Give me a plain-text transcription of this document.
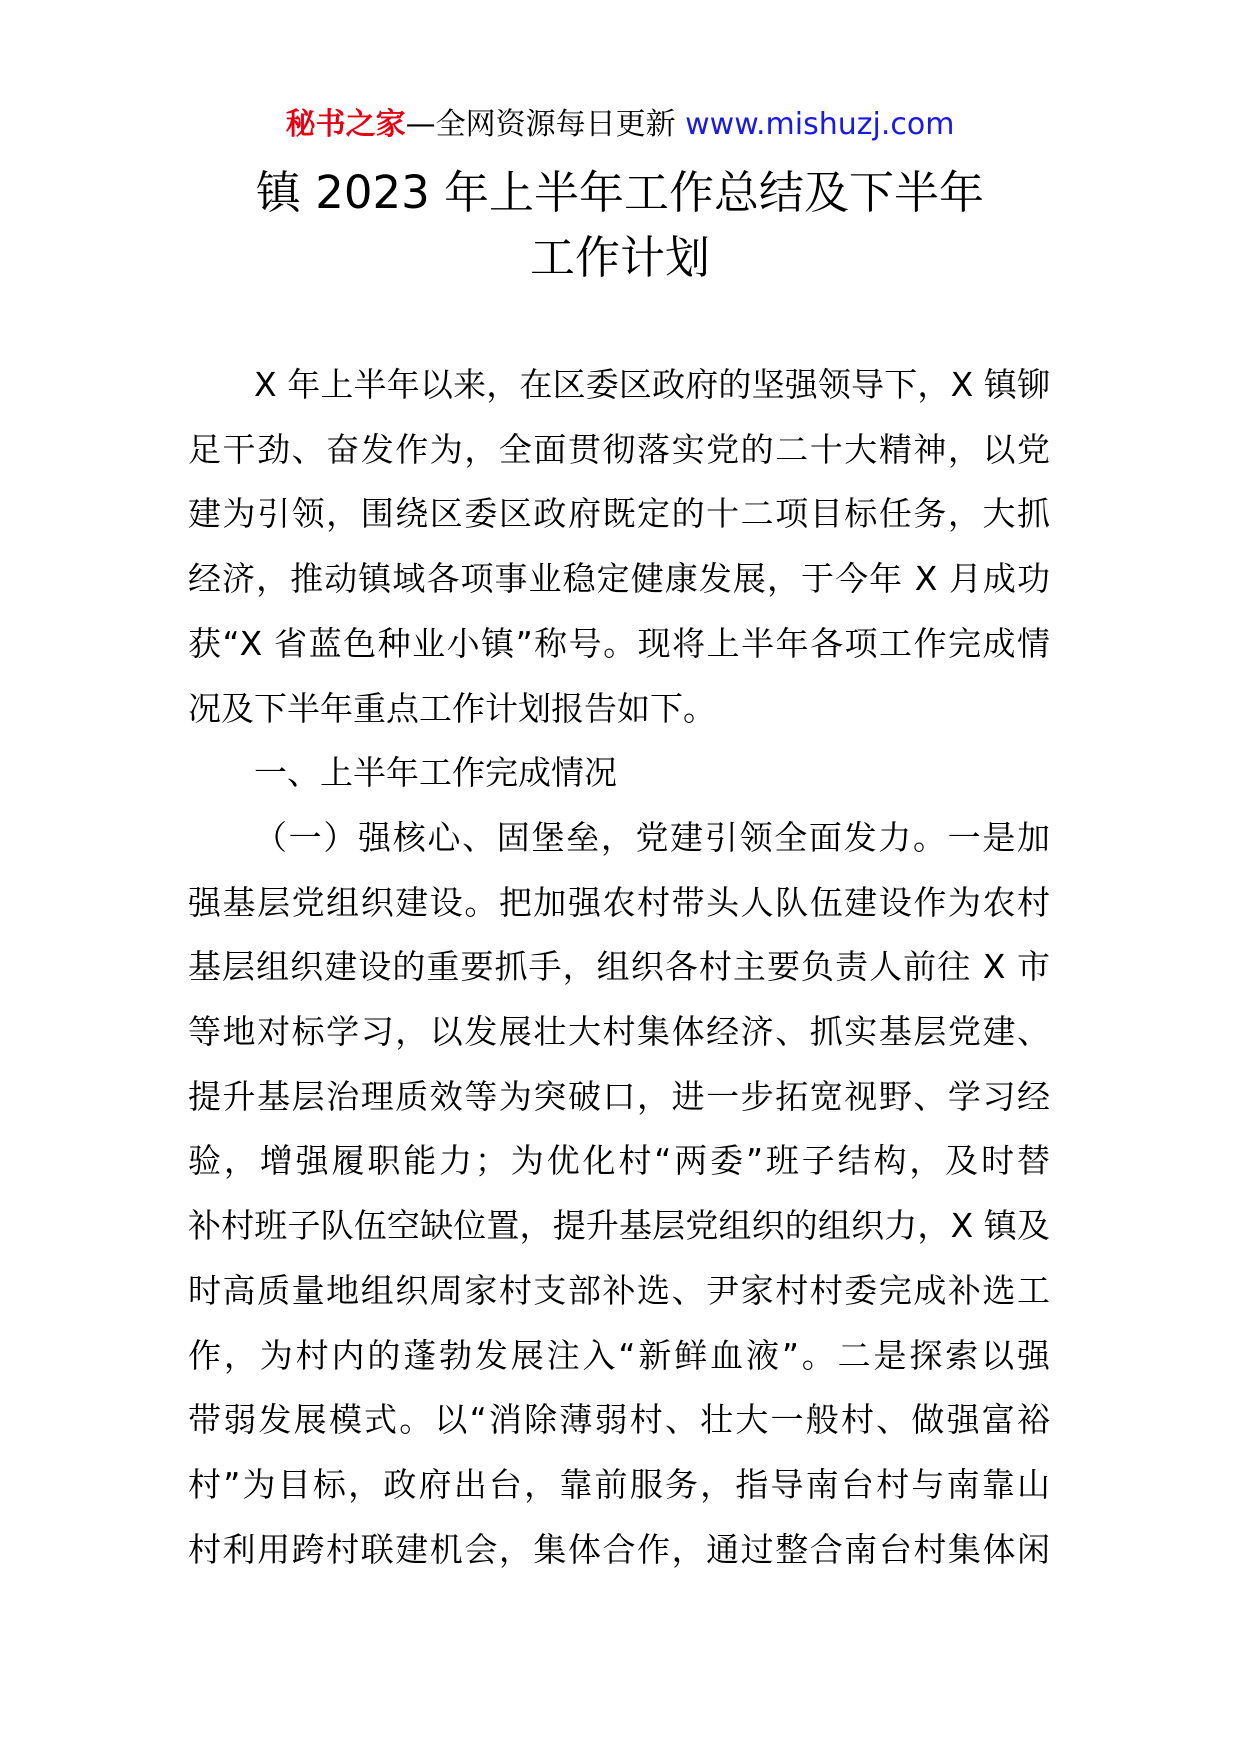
秘书之家—全网资源每日更新 www.mishuzj.com
镇 2023 年上半年工作总结及下半年
工作计划
X 年上半年以来，在区委区政府的坚强领导下，X 镇铆
足干劲、奋发作为，全面贯彻落实党的二十大精神，以党
建为引领，围绕区委区政府既定的十二项目标任务，大抓
经济，推动镇域各项事业稳定健康发展，于今年 X 月成功
获“X 省蓝色种业小镇”称号。现将上半年各项工作完成情
况及下半年重点工作计划报告如下。
一、上半年工作完成情况
（一）强核心、固堡垒，党建引领全面发力。一是加
强基层党组织建设。把加强农村带头人队伍建设作为农村
基层组织建设的重要抓手，组织各村主要负责人前往 X 市
等地对标学习，以发展壮大村集体经济、抓实基层党建、
提升基层治理质效等为突破口，进一步拓宽视野、学习经
验，增强履职能力；为优化村“两委”班子结构，及时替
补村班子队伍空缺位置，提升基层党组织的组织力，X 镇及
时高质量地组织周家村支部补选、尹家村村委完成补选工
作，为村内的蓬勃发展注入“新鲜血液”。二是探索以强
带弱发展模式。以“消除薄弱村、壮大一般村、做强富裕
村”为目标，政府出台，靠前服务，指导南台村与南靠山
村利用跨村联建机会，集体合作，通过整合南台村集体闲
